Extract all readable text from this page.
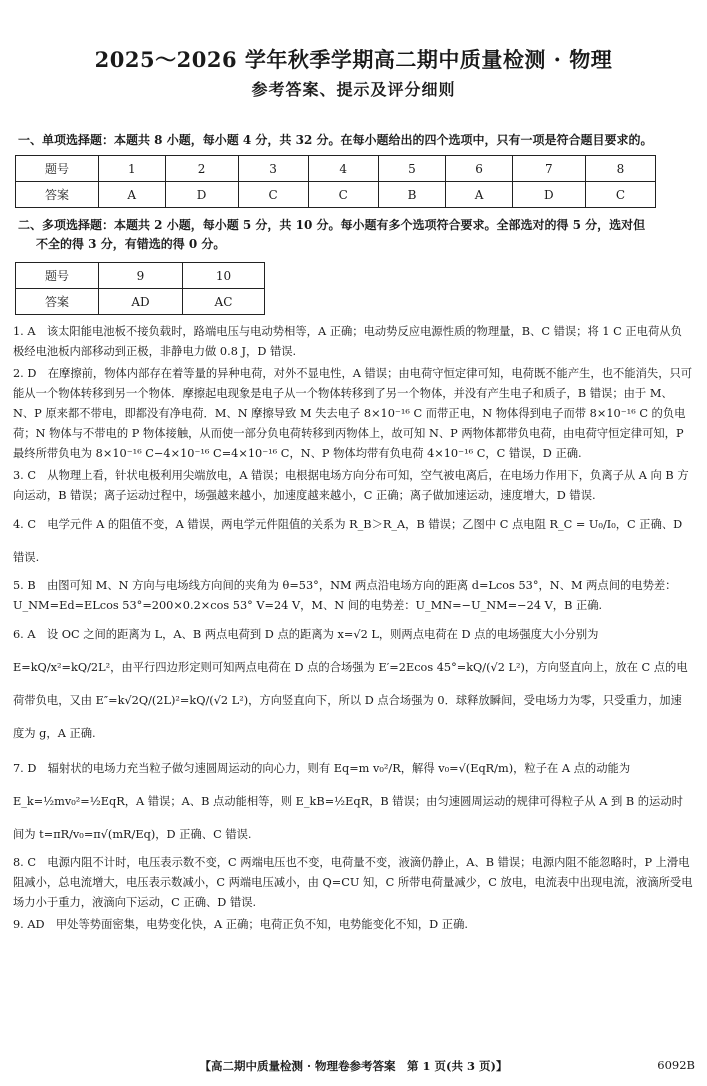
2025～2026 学年秋季学期高二期中质量检测 · 物理
参考答案、提示及评分细则
一、单项选择题：本题共 8 小题，每小题 4 分，共 32 分。在每小题给出的四个选项中，只有一项是符合题目要求的。
题号	1	2	3	4	5	6	7	8
答案	A	D	C	C	B	A	D	C
二、多项选择题：本题共 2 小题，每小题 5 分，共 10 分。每小题有多个选项符合要求。全部选对的得 5 分，选对但
不全的得 3 分，有错选的得 0 分。
题号	9	10
答案	AD	AC

1. A　该太阳能电池板不接负载时，路端电压与电动势相等，A 正确；电动势反应电源性质的物理量，B、C 错误；将 1 C 正电荷从负极经电池板内部移动到正极，非静电力做 0.8 J，D 错误.

2. D　在摩擦前，物体内部存在着等量的异种电荷，对外不显电性，A 错误；由电荷守恒定律可知，电荷既不能产生，也不能消失，只可能从一个物体转移到另一个物体．摩擦起电现象是电子从一个物体转移到了另一个物体，并没有产生电子和质子，B 错误；由于 M、N、P 原来都不带电，即都没有净电荷．M、N 摩擦导致 M 失去电子 8×10⁻¹⁶ C 而带正电，N 物体得到电子而带 8×10⁻¹⁶ C 的负电荷；N 物体与不带电的 P 物体接触，从而使一部分负电荷转移到丙物体上，故可知 N、P 两物体都带负电荷，由电荷守恒定律可知，P 最终所带负电为 8×10⁻¹⁶ C−4×10⁻¹⁶ C=4×10⁻¹⁶ C，N、P 物体均带有负电荷 4×10⁻¹⁶ C，C 错误，D 正确.

3. C　从物理上看，针状电极利用尖端放电，A 错误；电根据电场方向分布可知，空气被电离后，在电场力作用下，负离子从 A 向 B 方向运动，B 错误；离子运动过程中，场强越来越小，加速度越来越小，C 正确；离子做加速运动，速度增大，D 错误.

4. C　电学元件 A 的阻值不变，A 错误，两电学元件阻值的关系为 R_B＞R_A，B 错误；乙图中 C 点电阻 R_C = U₀/I₀，C 正确、D 错误.

5. B　由图可知 M、N 方向与电场线方向间的夹角为 θ=53°，NM 两点沿电场方向的距离 d=Lcos 53°，N、M 两点间的电势差：U_NM=Ed=ELcos 53°=200×0.2×cos 53° V=24 V，M、N 间的电势差：U_MN=−U_NM=−24 V，B 正确.

6. A　设 OC 之间的距离为 L，A、B 两点电荷到 D 点的距离为 x=√2 L，则两点电荷在 D 点的电场强度大小分别为 E=kQ/x²=kQ/2L²，由平行四边形定则可知两点电荷在 D 点的合场强为 E′=2Ecos 45°=kQ/(√2 L²)，方向竖直向上，放在 C 点的电荷带负电，又由 E″=k√2Q/(2L)²=kQ/(√2 L²)，方向竖直向下，所以 D 点合场强为 0．球释放瞬间，受电场力为零，只受重力，加速度为 g，A 正确.

7. D　辐射状的电场力充当粒子做匀速圆周运动的向心力，则有 Eq=m v₀²/R，解得 v₀=√(EqR/m)，粒子在 A 点的动能为 E_k=½mv₀²=½EqR，A 错误；A、B 点动能相等，则 E_kB=½EqR，B 错误；由匀速圆周运动的规律可得粒子从 A 到 B 的运动时间为 t=πR/v₀=π√(mR/Eq)，D 正确、C 错误.

8. C　电源内阻不计时，电压表示数不变，C 两端电压也不变，电荷量不变，液滴仍静止，A、B 错误；电源内阻不能忽略时，P 上滑电阻减小，总电流增大，电压表示数减小，C 两端电压减小，由 Q=CU 知，C 所带电荷量减少，C 放电，电流表中出现电流，液滴所受电场力小于重力，液滴向下运动，C 正确、D 错误.

9. AD　甲处等势面密集，电势变化快，A 正确；电荷正负不知，电势能变化不知，D 正确.

【高二期中质量检测 · 物理卷参考答案　第 1 页(共 3 页)】	6092B
